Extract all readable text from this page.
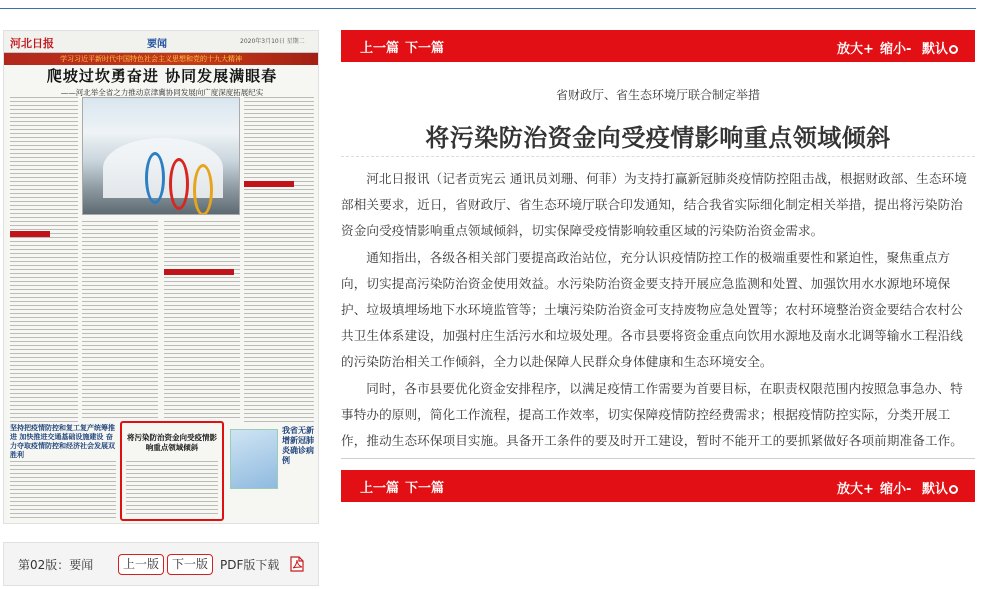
河北日报	要闻	2020年3月10日 星期二
学习习近平新时代中国特色社会主义思想和党的十九大精神
爬坡过坎勇奋进 协同发展满眼春
——河北举全省之力推动京津冀协同发展向广度深度拓展纪实
坚持把疫情防控和复工复产统筹推进 加快推进交通基础设施建设 奋力夺取疫情防控和经济社会发展双胜利
将污染防治资金向受疫情影响重点领域倾斜
我省无新增新冠肺炎确诊病例
第02版：要闻	上一版	下一版 PDF版下载
上一篇 下一篇	放大+ 缩小- 默认
省财政厅、省生态环境厅联合制定举措
将污染防治资金向受疫情影响重点领域倾斜

河北日报讯（记者贡宪云 通讯员刘珊、何菲）为支持打赢新冠肺炎疫情防控阻击战，根据财政部、生态环境部相关要求，近日，省财政厅、省生态环境厅联合印发通知，结合我省实际细化制定相关举措，提出将污染防治资金向受疫情影响重点领域倾斜，切实保障受疫情影响较重区域的污染防治资金需求。

通知指出，各级各相关部门要提高政治站位，充分认识疫情防控工作的极端重要性和紧迫性，聚焦重点方向，切实提高污染防治资金使用效益。水污染防治资金要支持开展应急监测和处置、加强饮用水水源地环境保护、垃圾填埋场地下水环境监管等；土壤污染防治资金可支持废物应急处置等；农村环境整治资金要结合农村公共卫生体系建设，加强村庄生活污水和垃圾处理。各市县要将资金重点向饮用水源地及南水北调等输水工程沿线的污染防治相关工作倾斜，全力以赴保障人民群众身体健康和生态环境安全。

同时，各市县要优化资金安排程序，以满足疫情工作需要为首要目标，在职责权限范围内按照急事急办、特事特办的原则，简化工作流程，提高工作效率，切实保障疫情防控经费需求；根据疫情防控实际，分类开展工作，推动生态环保项目实施。具备开工条件的要及时开工建设，暂时不能开工的要抓紧做好各项前期准备工作。

上一篇 下一篇	放大+ 缩小- 默认
